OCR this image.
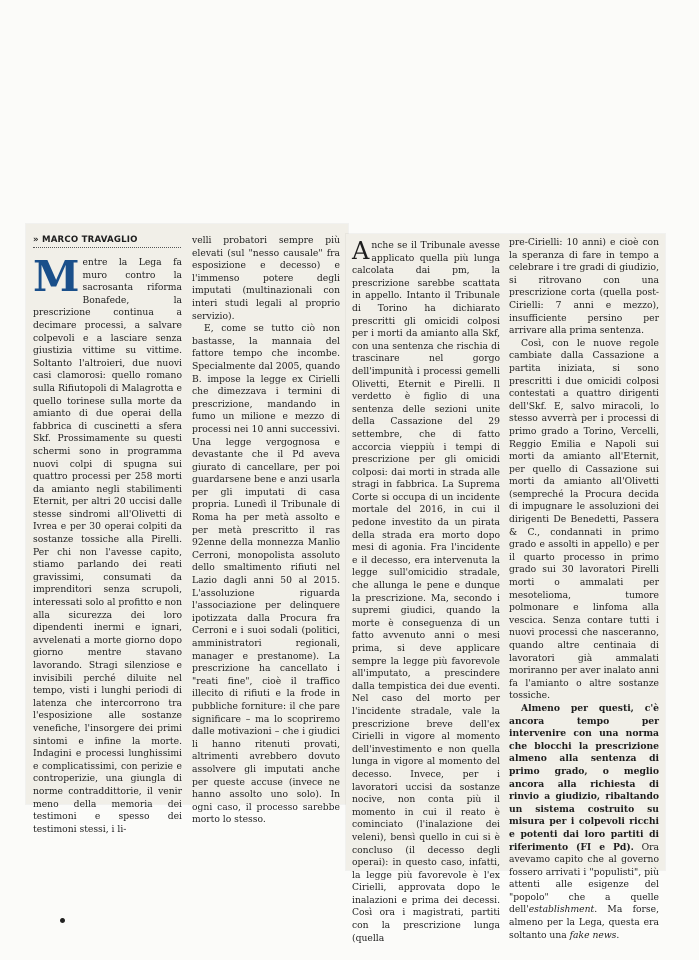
» MARCO TRAVAGLIO

Mentre la Lega fa muro contro la sacrosanta riforma Bonafede, la prescrizione continua a decimare processi, a salvare colpevoli e a lasciare senza giustizia vittime su vittime. Soltanto l'altroieri, due nuovi casi clamorosi: quello romano sulla Rifiutopoli di Malagrotta e quello torinese sulla morte da amianto di due operai della fabbrica di cuscinetti a sfera Skf. Prossimamente su questi schermi sono in programma nuovi colpi di spugna sui quattro processi per 258 morti da amianto negli stabilimenti Eternit, per altri 20 uccisi dalle stesse sindromi all'Olivetti di Ivrea e per 30 operai colpiti da sostanze tossiche alla Pirelli. Per chi non l'avesse capito, stiamo parlando dei reati gravissimi, consumati da imprenditori senza scrupoli, interessati solo al profitto e non alla sicurezza dei loro dipendenti inermi e ignari, avvelenati a morte giorno dopo giorno mentre stavano lavorando. Stragi silenziose e invisibili perché diluite nel tempo, visti i lunghi periodi di latenza che intercorrono tra l'esposizione alle sostanze venefiche, l'insorgere dei primi sintomi e infine la morte. Indagini e processi lunghissimi e complicatissimi, con perizie e controperizie, una giungla di norme contraddittorie, il venir meno della memoria dei testimoni e spesso dei testimoni stessi, i li-

velli probatori sempre più elevati (sul "nesso causale" fra esposizione e decesso) e l'immenso potere degli imputati (multinazionali con interi studi legali al proprio servizio).

E, come se tutto ciò non bastasse, la mannaia del fattore tempo che incombe. Specialmente dal 2005, quando B. impose la legge ex Cirielli che dimezzava i termini di prescrizione, mandando in fumo un milione e mezzo di processi nei 10 anni successivi. Una legge vergognosa e devastante che il Pd aveva giurato di cancellare, per poi guardarsene bene e anzi usarla per gli imputati di casa propria. Lunedì il Tribunale di Roma ha per metà assolto e per metà prescritto il ras 92enne della monnezza Manlio Cerroni, monopolista assoluto dello smaltimento rifiuti nel Lazio dagli anni 50 al 2015. L'assoluzione riguarda l'associazione per delinquere ipotizzata dalla Procura fra Cerroni e i suoi sodali (politici, amministratori regionali, manager e prestanome). La prescrizione ha cancellato i "reati fine", cioè il traffico illecito di rifiuti e la frode in pubbliche forniture: il che pare significare – ma lo scopriremo dalle motivazioni – che i giudici li hanno ritenuti provati, altrimenti avrebbero dovuto assolvere gli imputati anche per queste accuse (invece ne hanno assolto uno solo). In ogni caso, il processo sarebbe morto lo stesso.

Anche se il Tribunale avesse applicato quella più lunga calcolata dai pm, la prescrizione sarebbe scattata in appello. Intanto il Tribunale di Torino ha dichiarato prescritti gli omicidi colposi per i morti da amianto alla Skf, con una sentenza che rischia di trascinare nel gorgo dell'impunità i processi gemelli Olivetti, Eternit e Pirelli. Il verdetto è figlio di una sentenza delle sezioni unite della Cassazione del 29 settembre, che di fatto accorcia vieppiù i tempi di prescrizione per gli omicidi colposi: dai morti in strada alle stragi in fabbrica. La Suprema Corte si occupa di un incidente mortale del 2016, in cui il pedone investito da un pirata della strada era morto dopo mesi di agonia. Fra l'incidente e il decesso, era intervenuta la legge sull'omicidio stradale, che allunga le pene e dunque la prescrizione. Ma, secondo i supremi giudici, quando la morte è conseguenza di un fatto avvenuto anni o mesi prima, si deve applicare sempre la legge più favorevole all'imputato, a prescindere dalla tempistica dei due eventi. Nel caso del morto per l'incidente stradale, vale la prescrizione breve dell'ex Cirielli in vigore al momento dell'investimento e non quella lunga in vigore al momento del decesso. Invece, per i lavoratori uccisi da sostanze nocive, non conta più il momento in cui il reato è cominciato (l'inalazione dei veleni), bensì quello in cui si è concluso (il decesso degli operai): in questo caso, infatti, la legge più favorevole è l'ex Cirielli, approvata dopo le inalazioni e prima dei decessi. Così ora i magistrati, partiti con la prescrizione lunga (quella

pre-Cirielli: 10 anni) e cioè con la speranza di fare in tempo a celebrare i tre gradi di giudizio, si ritrovano con una prescrizione corta (quella post-Cirielli: 7 anni e mezzo), insufficiente persino per arrivare alla prima sentenza.

Così, con le nuove regole cambiate dalla Cassazione a partita iniziata, si sono prescritti i due omicidi colposi contestati a quattro dirigenti dell'Skf. E, salvo miracoli, lo stesso avverrà per i processi di primo grado a Torino, Vercelli, Reggio Emilia e Napoli sui morti da amianto all'Eternit, per quello di Cassazione sui morti da amianto all'Olivetti (sempreché la Procura decida di impugnare le assoluzioni dei dirigenti De Benedetti, Passera & C., condannati in primo grado e assolti in appello) e per il quarto processo in primo grado sui 30 lavoratori Pirelli morti o ammalati per mesotelioma, tumore polmonare e linfoma alla vescica. Senza contare tutti i nuovi processi che nasceranno, quando altre centinaia di lavoratori già ammalati moriranno per aver inalato anni fa l'amianto o altre sostanze tossiche.

Almeno per questi, c'è ancora tempo per intervenire con una norma che blocchi la prescrizione almeno alla sentenza di primo grado, o meglio ancora alla richiesta di rinvio a giudizio, ribaltando un sistema costruito su misura per i colpevoli ricchi e potenti dai loro partiti di riferimento (FI e Pd). Ora avevamo capito che al governo fossero arrivati i "populisti", più attenti alle esigenze del "popolo" che a quelle dell'establishment. Ma forse, almeno per la Lega, questa era soltanto una fake news.
